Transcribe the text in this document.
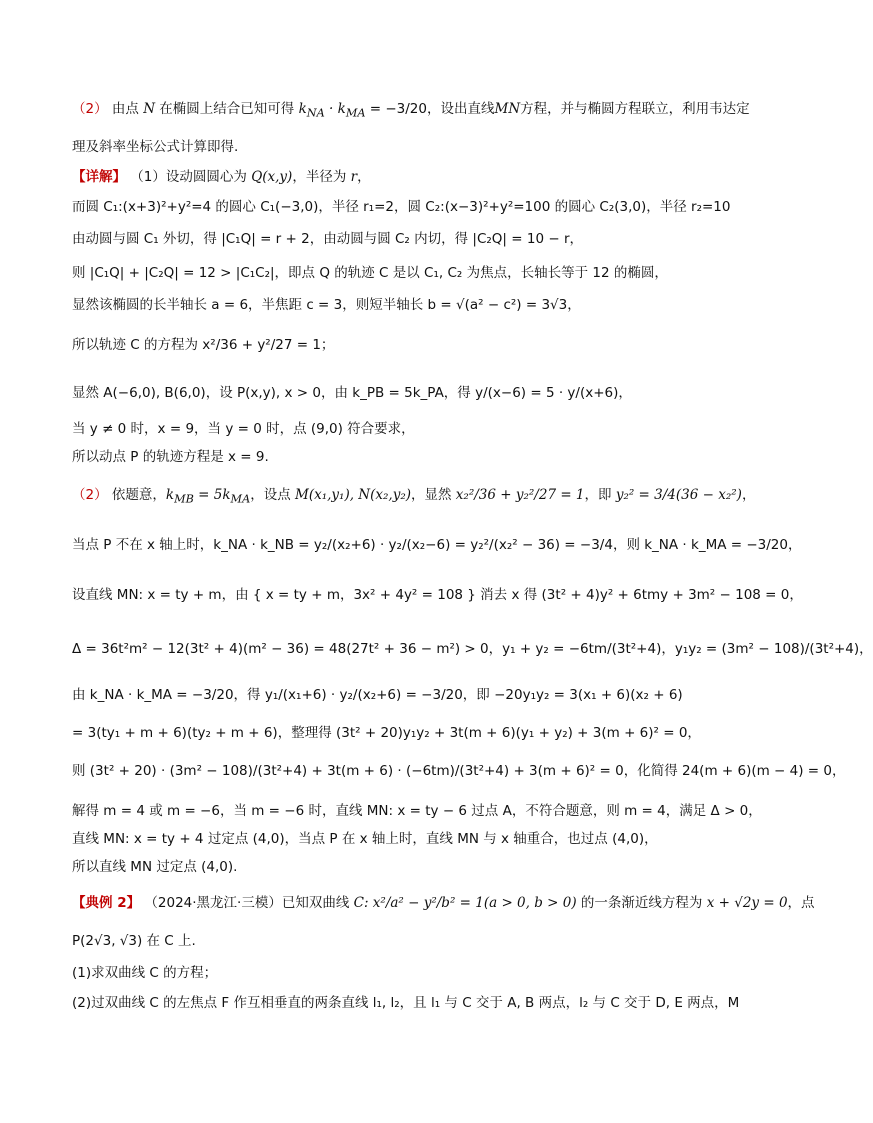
（2） 由点 N 在椭圆上结合已知可得 $k_{NA} \cdot k_{MA} = -3/20$，设出直线MN方程，并与椭圆方程联立，利用韦达定
理及斜率坐标公式计算即得.
【详解】 （1）设动圆圆心为 Q(x,y)，半径为 r，
而圆 C₁:(x+3)²+y²=4 的圆心 C₁(−3,0)，半径 r₁=2，圆 C₂:(x−3)²+y²=100 的圆心 C₂(3,0)，半径 r₂=10
由动圆与圆 C₁ 外切，得 |C₁Q| = r + 2，由动圆与圆 C₂ 内切，得 |C₂Q| = 10 − r，
则 |C₁Q| + |C₂Q| = 12 > |C₁C₂|，即点 Q 的轨迹 C 是以 C₁, C₂ 为焦点，长轴长等于 12 的椭圆，
显然该椭圆的长半轴长 a = 6，半焦距 c = 3，则短半轴长 b = √(a² − c²) = 3√3，
所以轨迹 C 的方程为 x²/36 + y²/27 = 1；
显然 A(−6,0), B(6,0)，设 P(x,y), x > 0，由 k_PB = 5k_PA，得 y/(x−6) = 5 · y/(x+6)，
当 y ≠ 0 时，x = 9，当 y = 0 时，点 (9,0) 符合要求，
所以动点 P 的轨迹方程是 x = 9.
（2） 依题意，$k_{MB} = 5k_{MA}$，设点 M(x₁,y₁), N(x₂,y₂)，显然 x₂²/36 + y₂²/27 = 1，即 y₂² = 3/4(36 − x₂²)，
当点 P 不在 x 轴上时，k_NA · k_NB = y₂/(x₂+6) · y₂/(x₂−6) = y₂²/(x₂² − 36) = −3/4，则 k_NA · k_MA = −3/20，
设直线 MN: x = ty + m，由 { x = ty + m，3x² + 4y² = 108 } 消去 x 得 (3t² + 4)y² + 6tmy + 3m² − 108 = 0，
Δ = 36t²m² − 12(3t² + 4)(m² − 36) = 48(27t² + 36 − m²) > 0，y₁ + y₂ = −6tm/(3t²+4)，y₁y₂ = (3m² − 108)/(3t²+4)，
由 k_NA · k_MA = −3/20，得 y₁/(x₁+6) · y₂/(x₂+6) = −3/20，即 −20y₁y₂ = 3(x₁ + 6)(x₂ + 6)
= 3(ty₁ + m + 6)(ty₂ + m + 6)，整理得 (3t² + 20)y₁y₂ + 3t(m + 6)(y₁ + y₂) + 3(m + 6)² = 0，
则 (3t² + 20) · (3m² − 108)/(3t²+4) + 3t(m + 6) · (−6tm)/(3t²+4) + 3(m + 6)² = 0，化简得 24(m + 6)(m − 4) = 0，
解得 m = 4 或 m = −6，当 m = −6 时，直线 MN: x = ty − 6 过点 A，不符合题意，则 m = 4，满足 Δ > 0，
直线 MN: x = ty + 4 过定点 (4,0)，当点 P 在 x 轴上时，直线 MN 与 x 轴重合，也过点 (4,0)，
所以直线 MN 过定点 (4,0).
【典例 2】 （2024·黑龙江·三模）已知双曲线 C: x²/a² − y²/b² = 1(a > 0, b > 0) 的一条渐近线方程为 x + √2y = 0，点
P(2√3, √3) 在 C 上.
(1)求双曲线 C 的方程；
(2)过双曲线 C 的左焦点 F 作互相垂直的两条直线 l₁, l₂，且 l₁ 与 C 交于 A, B 两点，l₂ 与 C 交于 D, E 两点，M
